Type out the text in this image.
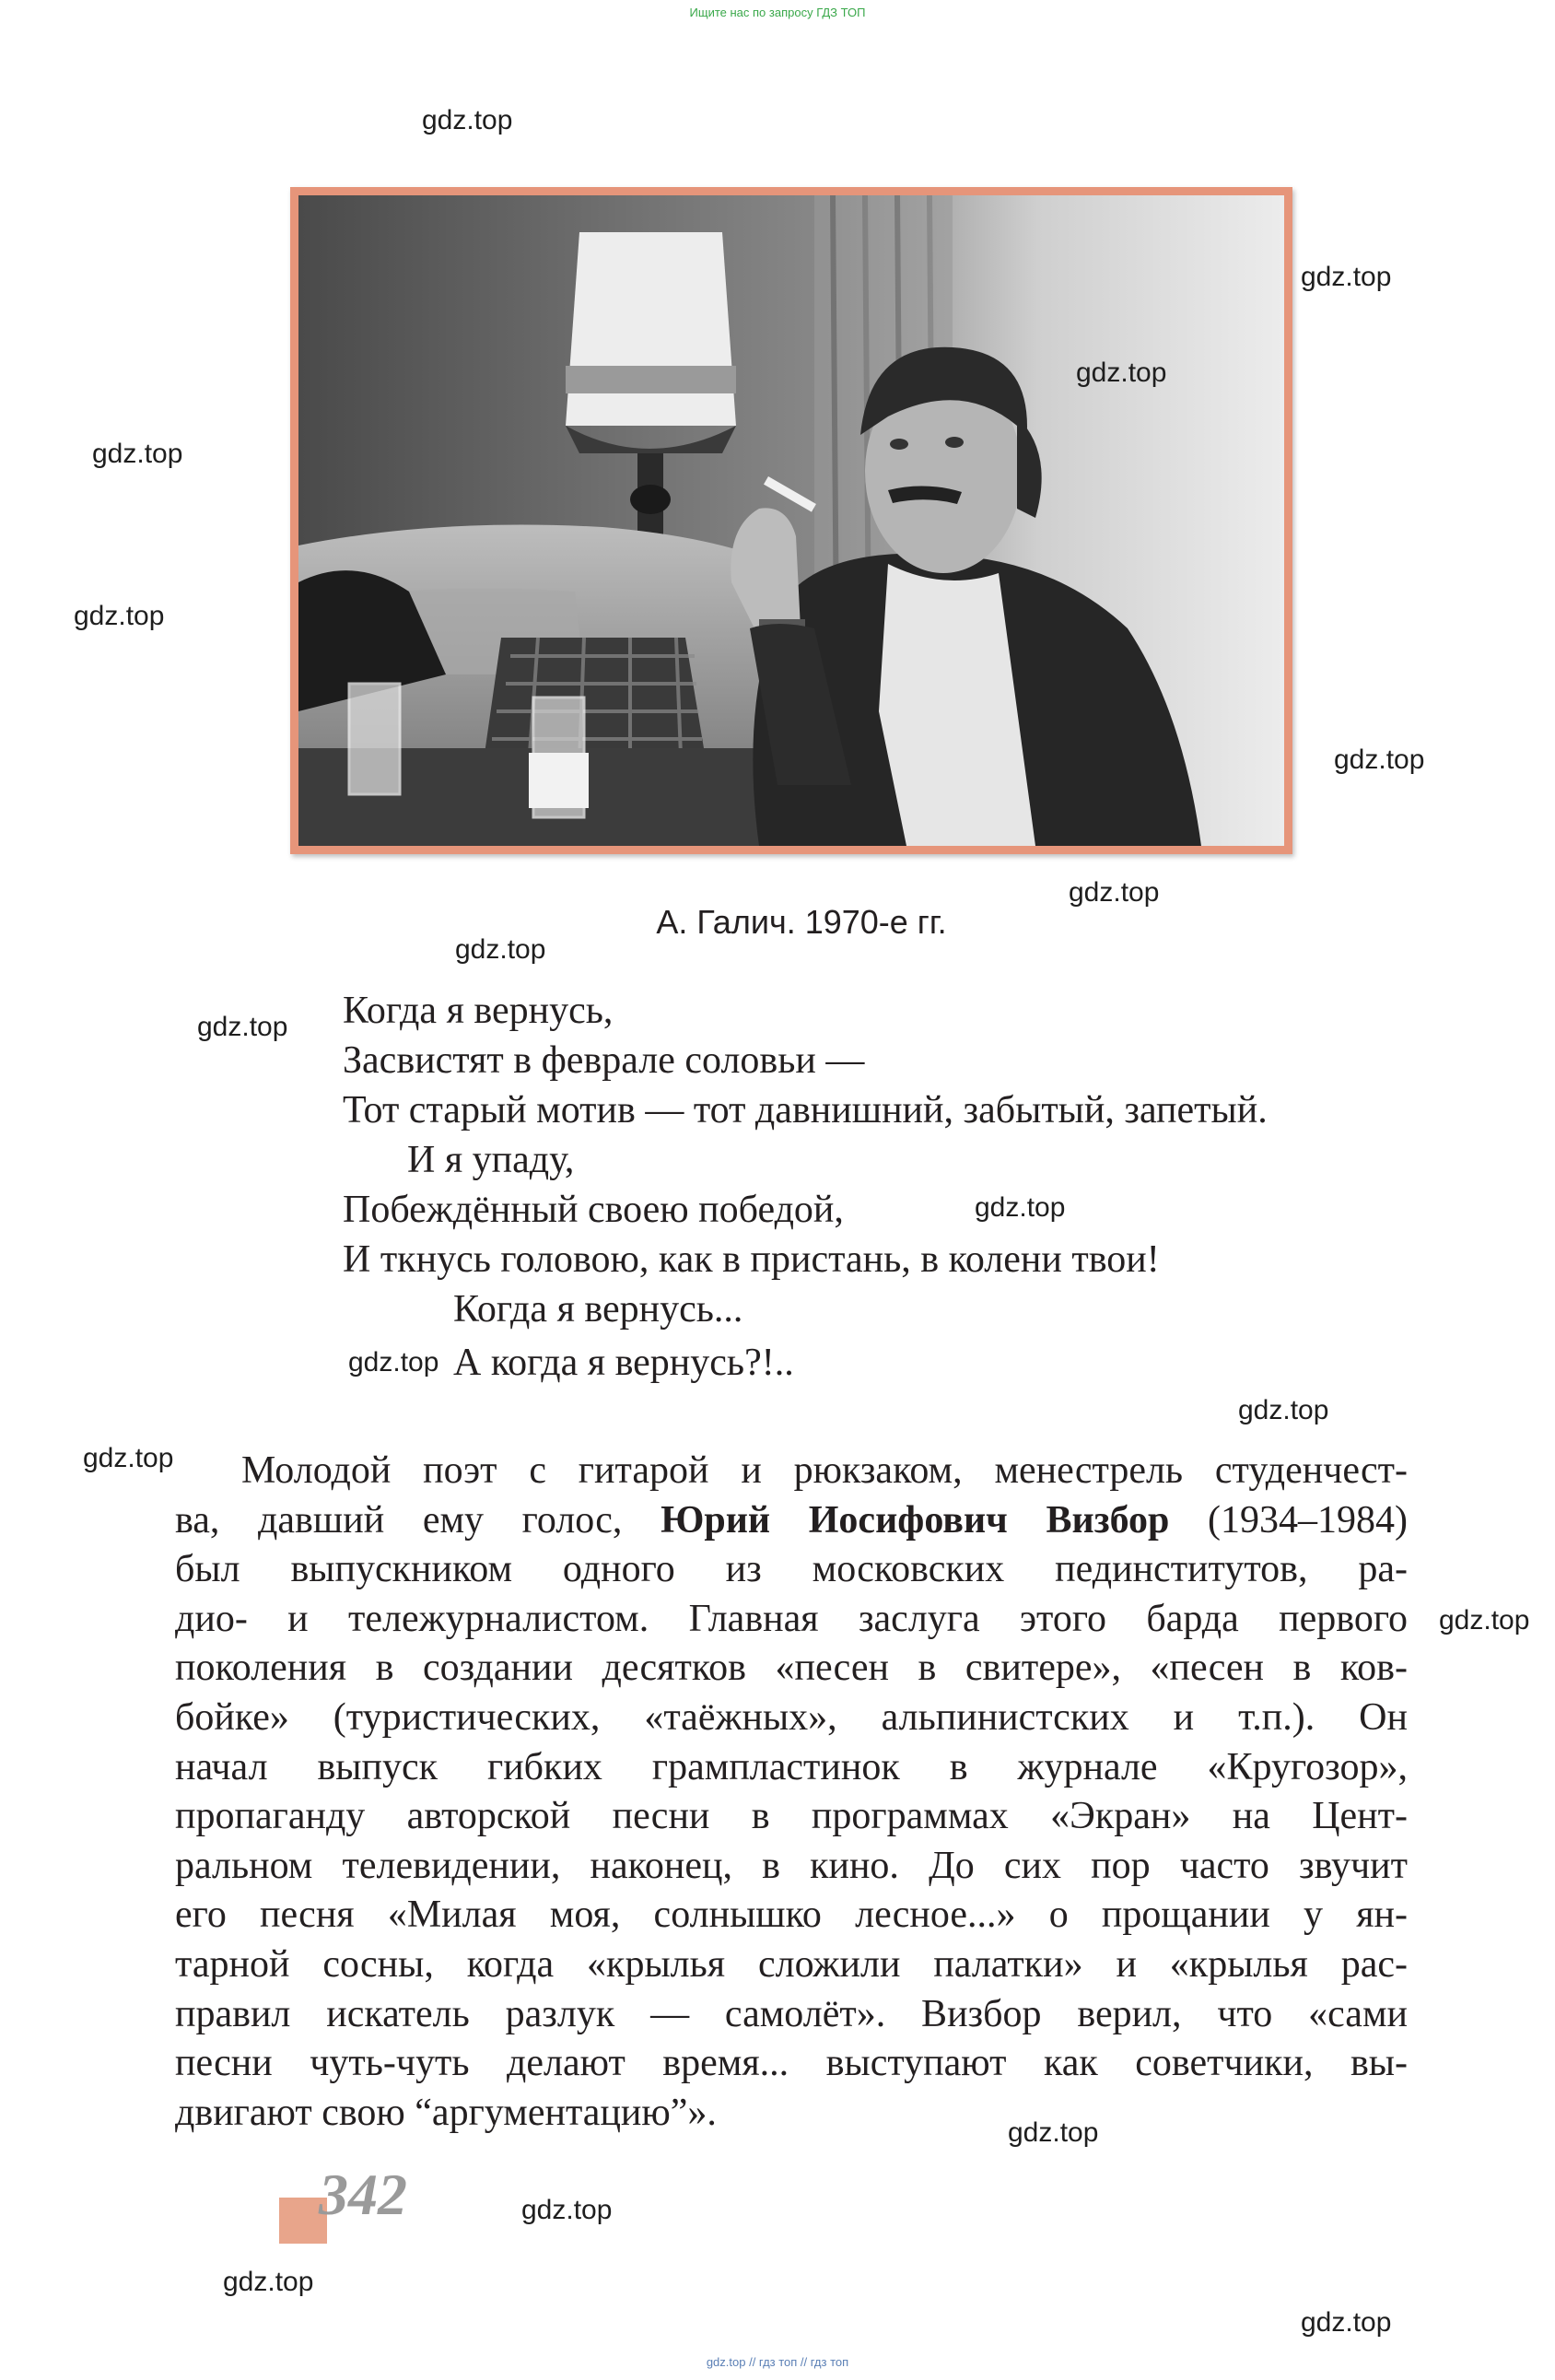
Ищите нас по запросу ГДЗ ТОП
А. Галич. 1970-е гг.
Когда я вернусь,
Засвистят в феврале соловьи —
Тот старый мотив — тот давнишний, забытый, запетый.
И я упаду,
Побеждённый своею победой,
И ткнусь головою, как в пристань, в колени твои!
Когда я вернусь...
А когда я вернусь?!..
Молодой поэт с гитарой и рюкзаком, менестрель студенчест-
ва, давший ему голос, Юрий Иосифович Визбор (1934–1984)
был выпускником одного из московских пединститутов, ра-
дио- и тележурналистом. Главная заслуга этого барда первого
поколения в создании десятков «песен в свитере», «песен в ков-
бойке» (туристических, «таёжных», альпинистских и т.п.). Он
начал выпуск гибких грампластинок в журнале «Кругозор»,
пропаганду авторской песни в программах «Экран» на Цент-
ральном телевидении, наконец, в кино. До сих пор часто звучит
его песня «Милая моя, солнышко лесное...» о прощании у ян-
тарной сосны, когда «крылья сложили палатки» и «крылья рас-
правил искатель разлук — самолёт». Визбор верил, что «сами
песни чуть-чуть делают время... выступают как советчики, вы-
двигают свою “аргументацию”».
342
gdz.top
gdz.top
gdz.top
gdz.top
gdz.top
gdz.top
gdz.top
gdz.top
gdz.top
gdz.top
gdz.top
gdz.top
gdz.top
gdz.top
gdz.top
gdz.top
gdz.top
gdz.top
gdz.top // гдз топ // гдз топ
